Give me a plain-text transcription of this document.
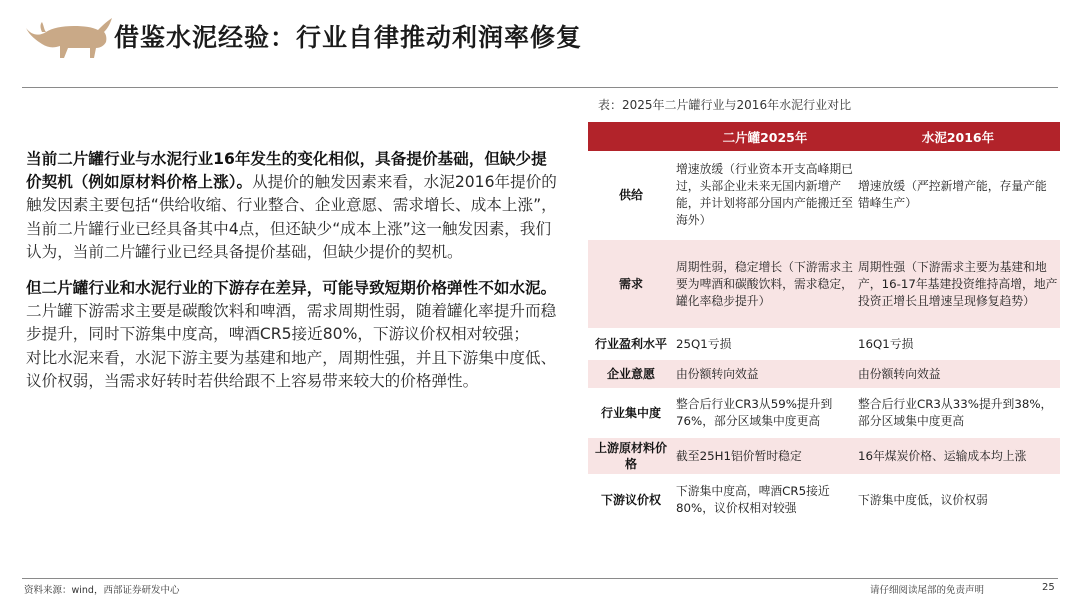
借鉴水泥经验：行业自律推动利润率修复

当前二片罐行业与水泥行业16年发生的变化相似，具备提价基础，但缺少提价契机（例如原材料价格上涨）。从提价的触发因素来看，水泥2016年提价的触发因素主要包括“供给收缩、行业整合、企业意愿、需求增长、成本上涨”，当前二片罐行业已经具备其中4点，但还缺少“成本上涨”这一触发因素，我们认为，当前二片罐行业已经具备提价基础，但缺少提价的契机。

但二片罐行业和水泥行业的下游存在差异，可能导致短期价格弹性不如水泥。
二片罐下游需求主要是碳酸饮料和啤酒，需求周期性弱，随着罐化率提升而稳步提升，同时下游集中度高，啤酒CR5接近80%，下游议价权相对较强；
对比水泥来看，水泥下游主要为基建和地产，周期性强，并且下游集中度低、议价权弱，当需求好转时若供给跟不上容易带来较大的价格弹性。

表：2025年二片罐行业与2016年水泥行业对比
	二片罐2025年	水泥2016年
供给	增速放缓（行业资本开支高峰期已过，头部企业未来无国内新增产能，并计划将部分国内产能搬迁至海外）	增速放缓（严控新增产能，存量产能错峰生产）
需求	周期性弱，稳定增长（下游需求主要为啤酒和碳酸饮料，需求稳定，罐化率稳步提升）	周期性强（下游需求主要为基建和地产，16-17年基建投资维持高增，地产投资正增长且增速呈现修复趋势）
行业盈利水平	25Q1亏损	16Q1亏损
企业意愿	由份额转向效益	由份额转向效益
行业集中度	整合后行业CR3从59%提升到76%，部分区域集中度更高	整合后行业CR3从33%提升到38%，部分区域集中度更高
上游原材料价格	截至25H1铝价暂时稳定	16年煤炭价格、运输成本均上涨
下游议价权	下游集中度高，啤酒CR5接近80%，议价权相对较强	下游集中度低，议价权弱
资料来源：wind，西部证券研发中心	请仔细阅读尾部的免责声明	25
